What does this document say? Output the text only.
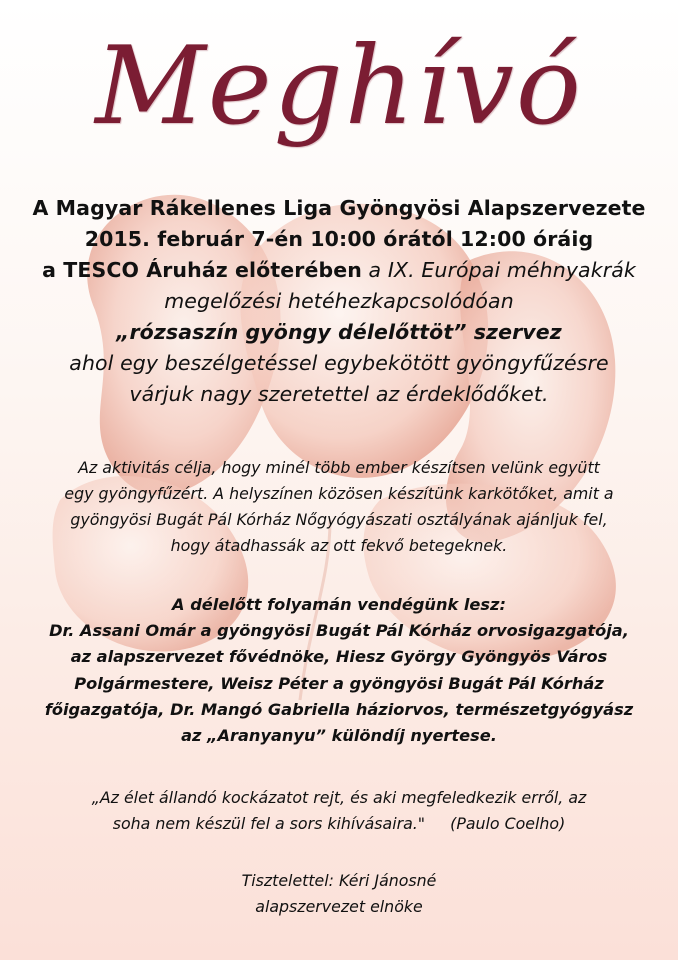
Meghívó
A Magyar Rákellenes Liga Gyöngyösi Alapszervezete
2015. február 7-én 10:00 órától 12:00 óráig
a TESCO Áruház előterében a IX. Európai méhnyakrák
megelőzési hetéhezkapcsolódóan
„rózsaszín gyöngy délelőttöt” szervez
ahol egy beszélgetéssel egybekötött gyöngyfűzésre
várjuk nagy szeretettel az érdeklődőket.
Az aktivitás célja, hogy minél több ember készítsen velünk együtt
egy gyöngyfűzért. A helyszínen közösen készítünk karkötőket, amit a
gyöngyösi Bugát Pál Kórház Nőgyógyászati osztályának ajánljuk fel,
hogy átadhassák az ott fekvő betegeknek.
A délelőtt folyamán vendégünk lesz:
Dr. Assani Omár a gyöngyösi Bugát Pál Kórház orvosigazgatója,
az alapszervezet fővédnöke, Hiesz György Gyöngyös Város
Polgármestere, Weisz Péter a gyöngyösi Bugát Pál Kórház
főigazgatója, Dr. Mangó Gabriella háziorvos, természetgyógyász
az „Aranyanyu” különdíj nyertese.
„Az élet állandó kockázatot rejt, és aki megfeledkezik erről, az
soha nem készül fel a sors kihívásaira."     (Paulo Coelho)
Tisztelettel: Kéri Jánosné
alapszervezet elnöke
